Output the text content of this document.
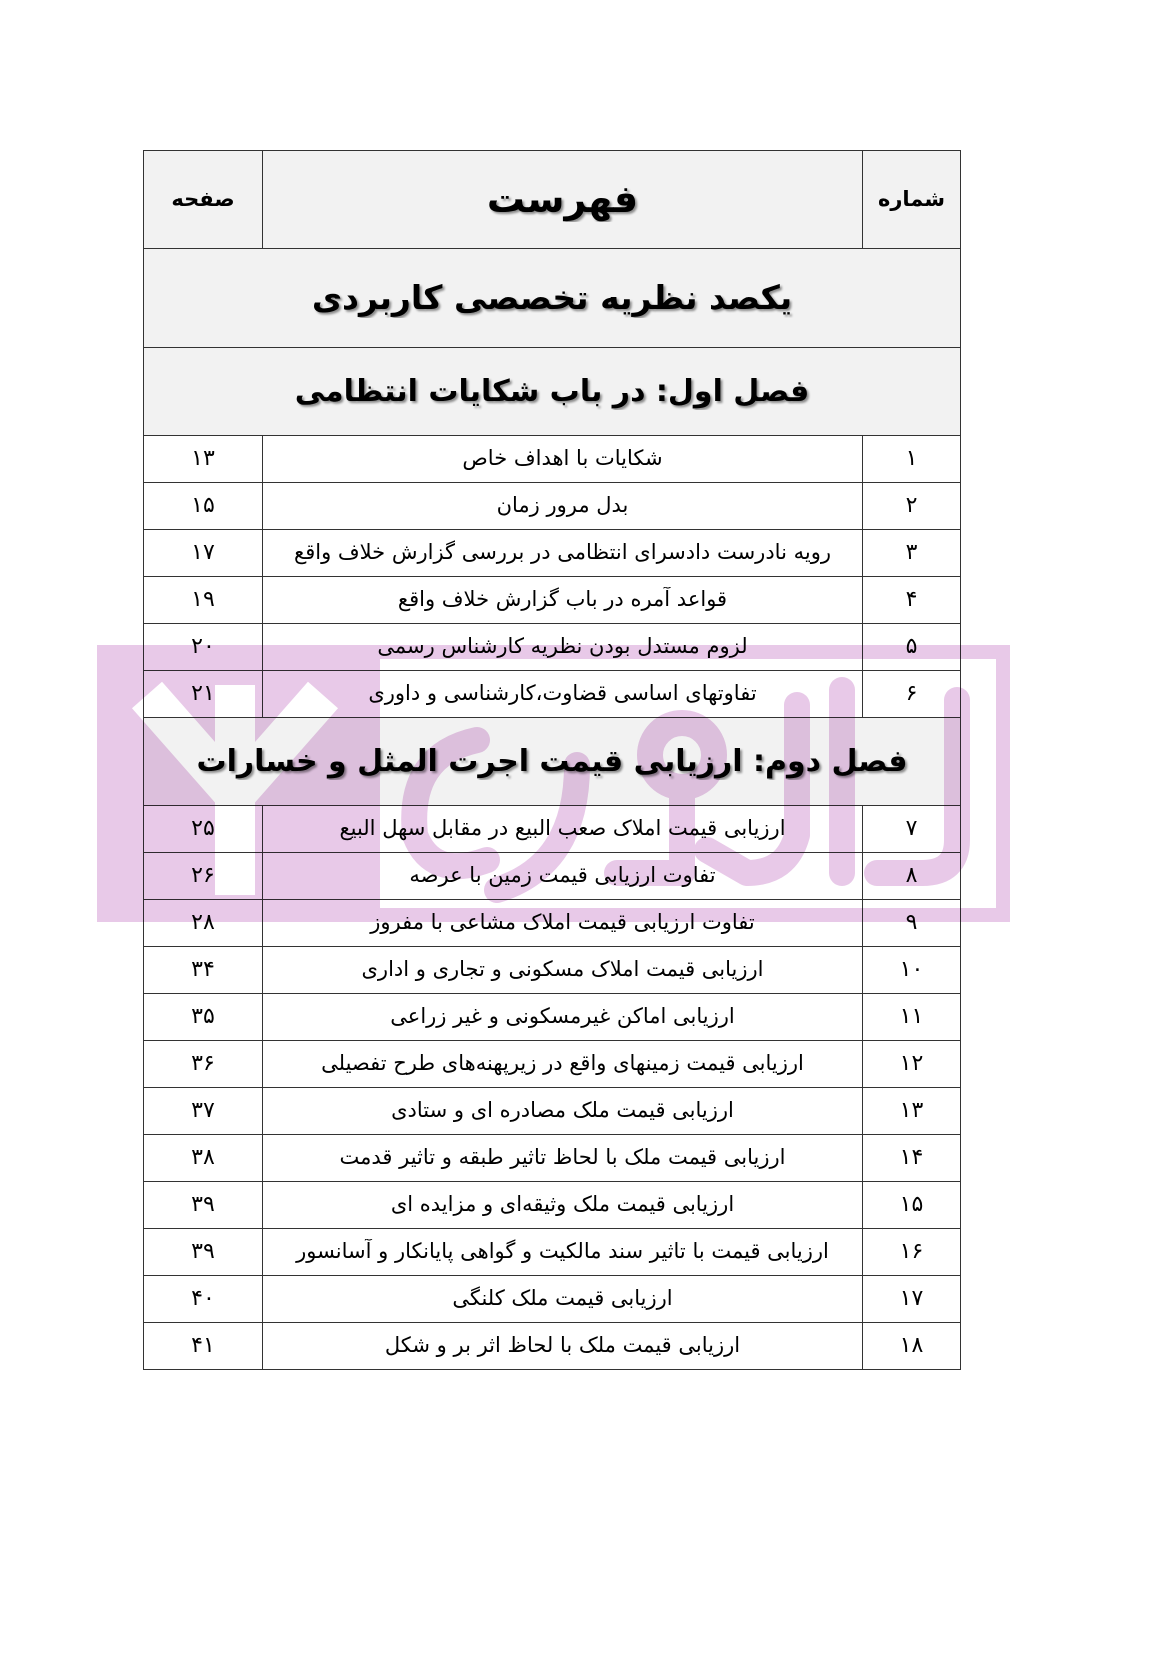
شماره	فهرست	صفحه

یکصد نظریه تخصصی کاربردی		

فصل اول: در باب شکایات انتظامی		

۱	شکایات با اهداف خاص	۱۳

۲	بدل مرور زمان	۱۵

۳	رویه نادرست دادسرای انتظامی در بررسی گزارش خلاف واقع	۱۷

۴	قواعد آمره در باب گزارش خلاف واقع	۱۹

۵	لزوم مستدل بودن نظریه کارشناس رسمی	۲۰

۶	تفاوتهای اساسی قضاوت،کارشناسی و داوری	۲۱

فصل دوم: ارزیابی قیمت اجرت المثل و خسارات		

۷	ارزیابی قیمت املاک صعب البیع در مقابل سهل البیع	۲۵

۸	تفاوت ارزیابی قیمت زمین با عرصه	۲۶

۹	تفاوت ارزیابی قیمت املاک مشاعی با مفروز	۲۸

۱۰	ارزیابی قیمت املاک مسکونی و تجاری و اداری	۳۴

۱۱	ارزیابی اماکن غیرمسکونی و غیر زراعی	۳۵

۱۲	ارزیابی قیمت زمینهای واقع در زیرپهنه‌های طرح تفصیلی	۳۶

۱۳	ارزیابی قیمت ملک مصادره ای و ستادی	۳۷

۱۴	ارزیابی قیمت ملک با لحاظ تاثیر طبقه و تاثیر قدمت	۳۸

۱۵	ارزیابی قیمت ملک وثیقه‌ای و مزایده ای	۳۹

۱۶	ارزیابی قیمت با تاثیر سند مالکیت و گواهی پایانکار و آسانسور	۳۹

۱۷	ارزیابی قیمت ملک کلنگی	۴۰

۱۸	ارزیابی قیمت ملک با لحاظ اثر بر و شکل	۴۱
